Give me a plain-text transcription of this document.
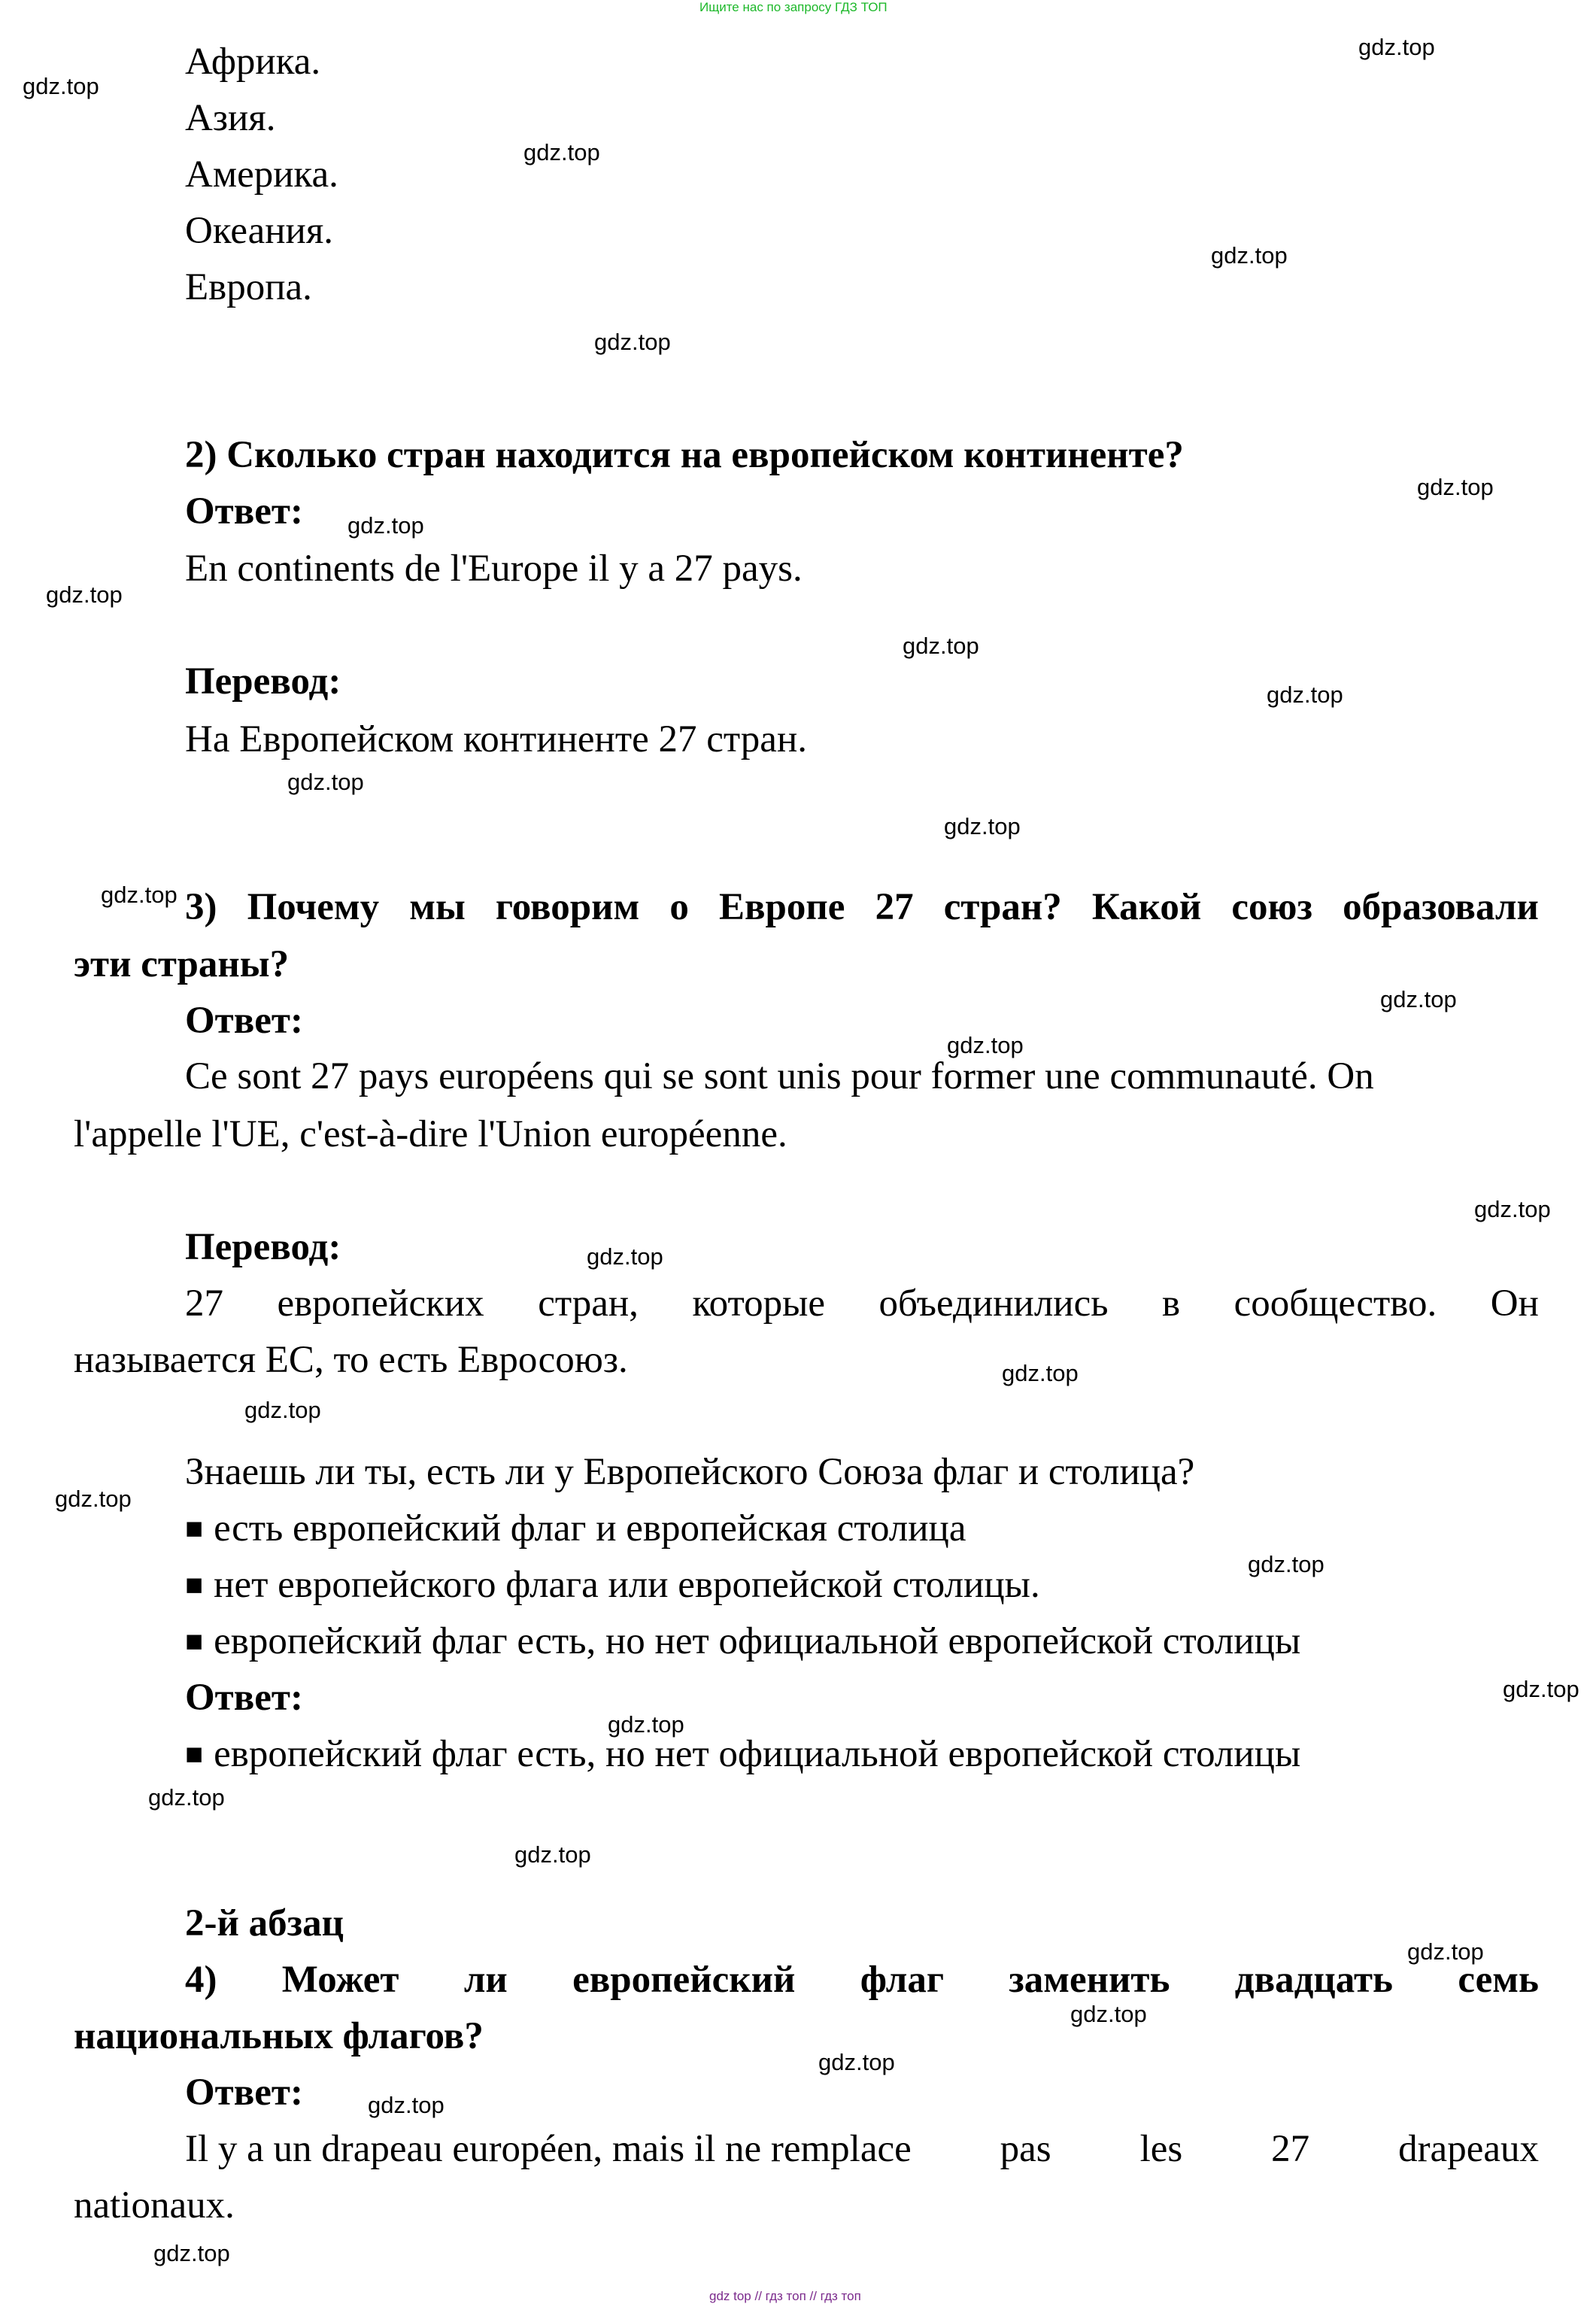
Ищите нас по запросу ГДЗ ТОП
Африка.
Азия.
Америка.
Океания.
Европа.
2) Сколько стран находится на европейском континенте?
Ответ:
En continents de l'Europe il y a 27 pays.
Перевод:
На Европейском континенте 27 стран.
3) Почему мы говорим о Европе 27 стран? Какой союз образовали
эти страны?
Ответ:
Ce sont 27 pays européens qui se sont unis pour former une communauté. On
l'appelle l'UE, c'est-à-dire l'Union européenne.
Перевод:
27 европейских стран, которые объединились в сообщество. Он
называется ЕС, то есть Евросоюз.
Знаешь ли ты, есть ли у Европейского Союза флаг и столица?
■ есть европейский флаг и европейская столица
■ нет европейского флага или европейской столицы.
■ европейский флаг есть, но нет официальной европейской столицы
Ответ:
■ европейский флаг есть, но нет официальной европейской столицы
2-й абзац
4) Может ли европейский флаг заменить двадцать семь
национальных флагов?
Ответ:
Il y a un drapeau européen, mais il ne remplace pas les 27 drapeaux
nationaux.
gdz.top
gdz.top
gdz.top
gdz.top
gdz.top
gdz.top
gdz.top
gdz.top
gdz.top
gdz.top
gdz.top
gdz.top
gdz.top
gdz.top
gdz.top
gdz.top
gdz.top
gdz.top
gdz.top
gdz.top
gdz.top
gdz.top
gdz.top
gdz.top
gdz.top
gdz.top
gdz.top
gdz.top
gdz.top
gdz.top
gdz top // гдз топ // гдз топ
